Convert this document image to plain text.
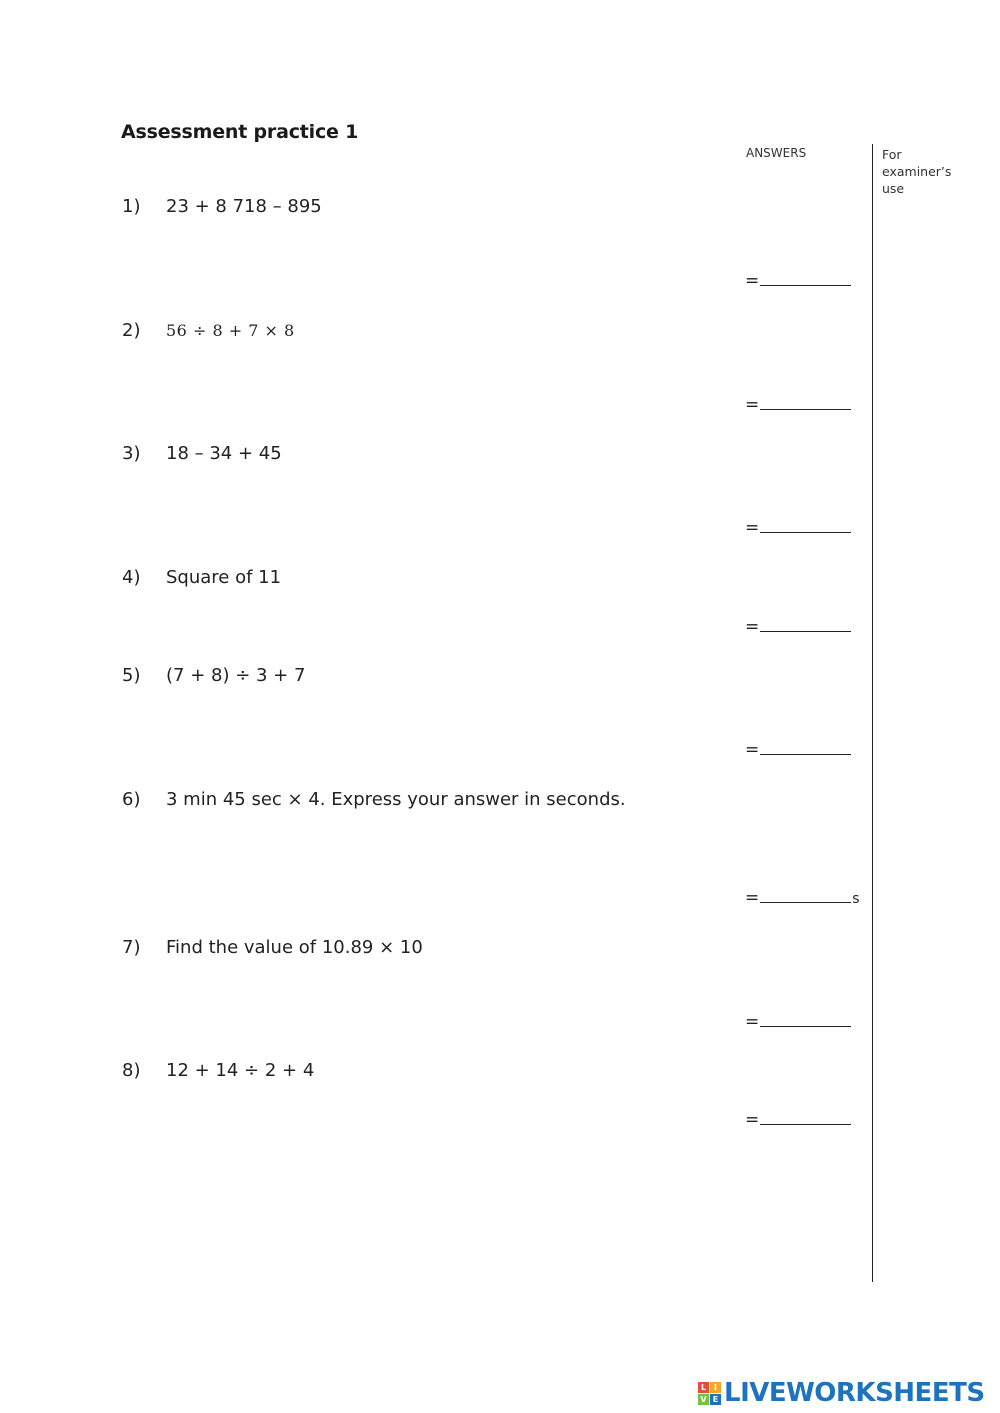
Assessment practice 1
ANSWERS	For examiner’s use
1) 23 + 8 718 – 895
=
2) 56 ÷ 8 + 7 × 8
=
3) 18 – 34 + 45
=
4) Square of 11
=
5) (7 + 8) ÷ 3 + 7
=
6) 3 min 45 sec × 4. Express your answer in seconds.
=	s
7) Find the value of 10.89 × 10
=
8) 12 + 14 ÷ 2 + 4
=
L I
V E LIVEWORKSHEETS
